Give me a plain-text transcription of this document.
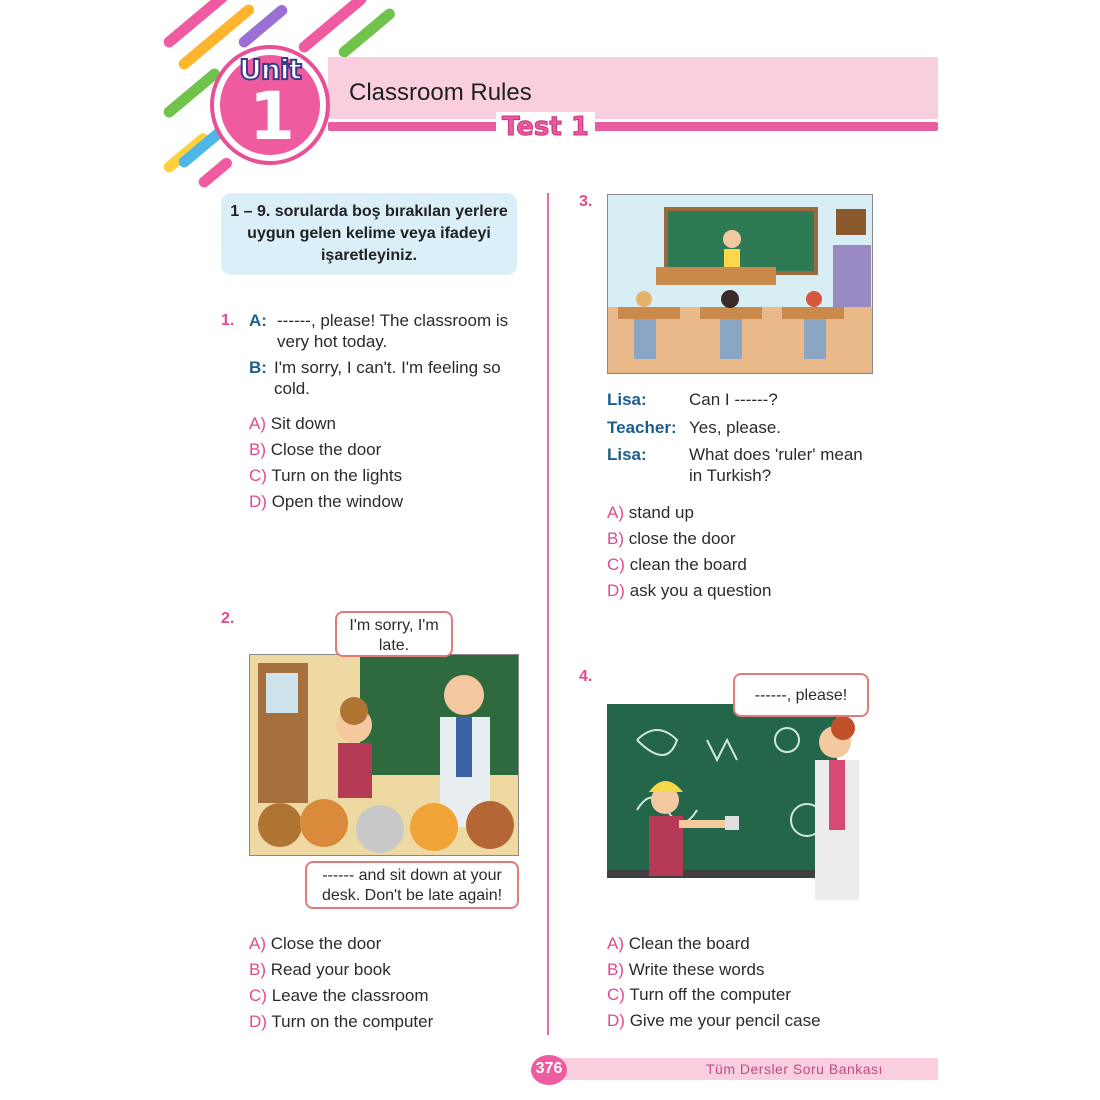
Unit
1	Classroom Rules
Test 1
1 – 9. sorularda boş bırakılan yerlere uygun gelen kelime veya ifadeyi işaretleyiniz.
1. A: ------, please! The classroom is very hot today.
B: I'm sorry, I can't. I'm feeling so cold.
A) Sit down
B) Close the door
C) Turn on the lights
D) Open the window
2.	I'm sorry, I'm late.
------ and sit down at your desk. Don't be late again!
A) Close the door
B) Read your book
C) Leave the classroom
D) Turn on the computer
3.
Lisa: Can I ------?
Teacher: Yes, please.
Lisa: What does 'ruler' mean in Turkish?
A) stand up
B) close the door
C) clean the board
D) ask you a question
4.
------, please!
A) Clean the board
B) Write these words
C) Turn off the computer
D) Give me your pencil case
376	Tüm Dersler Soru Bankası
